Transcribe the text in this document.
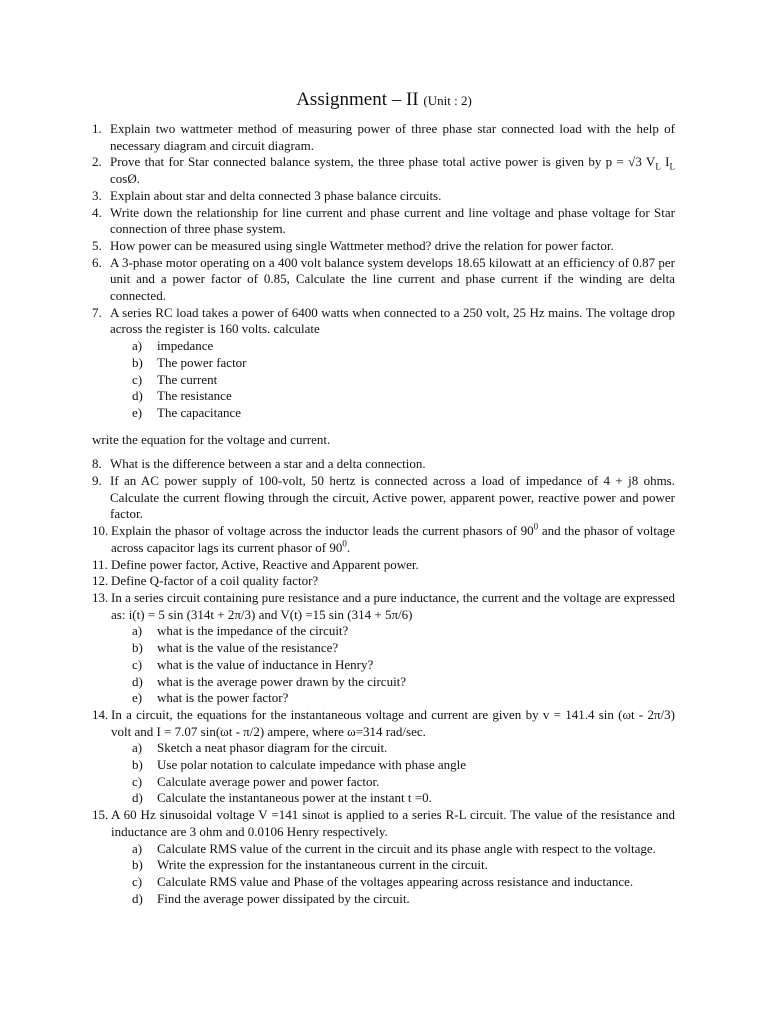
Assignment – II (Unit : 2)
1. Explain two wattmeter method of measuring power of three phase star connected load with the help of necessary diagram and circuit diagram.
2. Prove that for Star connected balance system, the three phase total active power is given by p = √3 $V_L$ $I_L$ cosØ.
3. Explain about star and delta connected 3 phase balance circuits.
4. Write down the relationship for line current and phase current and line voltage and phase voltage for Star connection of three phase system.
5. How power can be measured using single Wattmeter method? drive the relation for power factor.
6. A 3-phase motor operating on a 400 volt balance system develops 18.65 kilowatt at an efficiency of 0.87 per unit and a power factor of 0.85, Calculate the line current and phase current if the winding are delta connected.
7. A series RC load takes a power of 6400 watts when connected to a 250 volt, 25 Hz mains. The voltage drop across the register is 160 volts. calculate
a)	impedance
b)	The power factor
c)	The current
d)	The resistance
e)	The capacitance
write the equation for the voltage and current.
8. What is the difference between a star and a delta connection.
9. If an AC power supply of 100-volt, 50 hertz is connected across a load of impedance of 4 + j8 ohms. Calculate the current flowing through the circuit, Active power, apparent power, reactive power and power factor.
10. Explain the phasor of voltage across the inductor leads the current phasors of $90^0$ and the phasor of voltage across capacitor lags its current phasor of $90^0$.
11. Define power factor, Active, Reactive and Apparent power.
12. Define Q-factor of a coil quality factor?
13. In a series circuit containing pure resistance and a pure inductance, the current and the voltage are expressed as: i(t) = 5 sin (314t + 2π/3) and V(t) =15 sin (314 + 5π/6)
a)	what is the impedance of the circuit?
b)	what is the value of the resistance?
c)	what is the value of inductance in Henry?
d)	what is the average power drawn by the circuit?
e)	what is the power factor?
14. In a circuit, the equations for the instantaneous voltage and current are given by v = 141.4 sin (ωt - 2π/3) volt and I = 7.07 sin(ωt - π/2) ampere, where ω=314 rad/sec.
a)	Sketch a neat phasor diagram for the circuit.
b)	Use polar notation to calculate impedance with phase angle
c)	Calculate average power and power factor.
d)	Calculate the instantaneous power at the instant t =0.
15. A 60 Hz sinusoidal voltage V =141 sinωt is applied to a series R-L circuit. The value of the resistance and inductance are 3 ohm and 0.0106 Henry respectively.
a)	Calculate RMS value of the current in the circuit and its phase angle with respect to the voltage.
b)	Write the expression for the instantaneous current in the circuit.
c)	Calculate RMS value and Phase of the voltages appearing across resistance and inductance.
d)	Find the average power dissipated by the circuit.
